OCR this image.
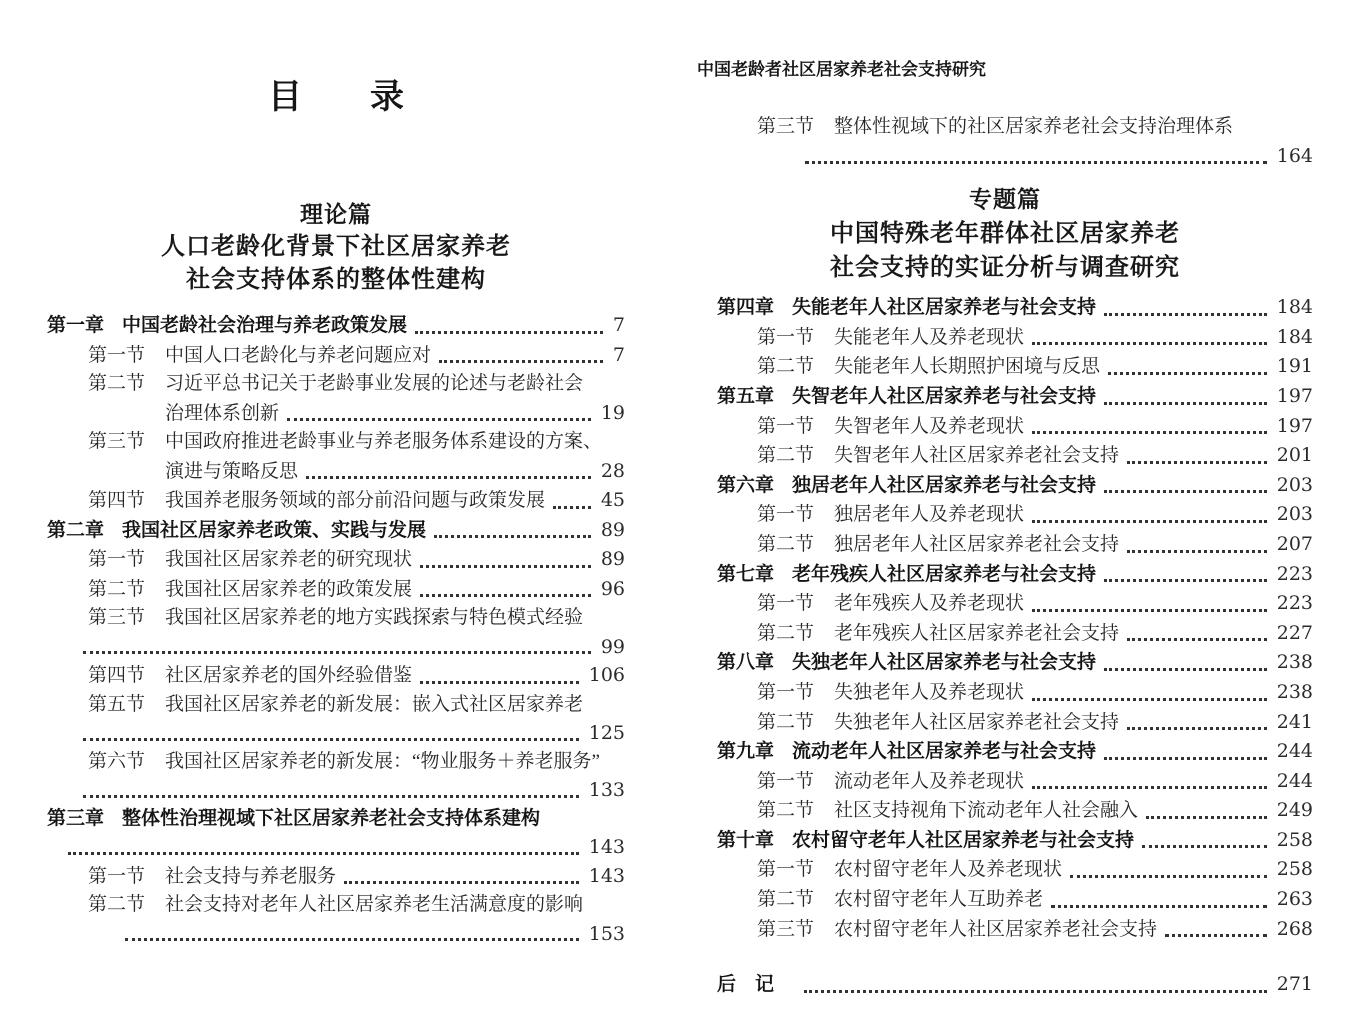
目　　录
理论篇
人口老龄化背景下社区居家养老
社会支持体系的整体性建构
第一章 中国老龄社会治理与养老政策发展	7
第一节 中国人口老龄化与养老问题应对	7
第二节 习近平总书记关于老龄事业发展的论述与老龄社会
治理体系创新	19
第三节 中国政府推进老龄事业与养老服务体系建设的方案、
演进与策略反思	28
第四节 我国养老服务领域的部分前沿问题与政策发展	45
第二章 我国社区居家养老政策、实践与发展	89
第一节 我国社区居家养老的研究现状	89
第二节 我国社区居家养老的政策发展	96
第三节 我国社区居家养老的地方实践探索与特色模式经验
99
第四节 社区居家养老的国外经验借鉴	106
第五节 我国社区居家养老的新发展：嵌入式社区居家养老
125
第六节 我国社区居家养老的新发展：“物业服务＋养老服务”
133
第三章 整体性治理视域下社区居家养老社会支持体系建构
143
第一节 社会支持与养老服务	143
第二节 社会支持对老年人社区居家养老生活满意度的影响
153
中国老龄者社区居家养老社会支持研究
第三节 整体性视域下的社区居家养老社会支持治理体系
164
专题篇
中国特殊老年群体社区居家养老
社会支持的实证分析与调查研究
第四章 失能老年人社区居家养老与社会支持	184
第一节 失能老年人及养老现状	184
第二节 失能老年人长期照护困境与反思	191
第五章 失智老年人社区居家养老与社会支持	197
第一节 失智老年人及养老现状	197
第二节 失智老年人社区居家养老社会支持	201
第六章 独居老年人社区居家养老与社会支持	203
第一节 独居老年人及养老现状	203
第二节 独居老年人社区居家养老社会支持	207
第七章 老年残疾人社区居家养老与社会支持	223
第一节 老年残疾人及养老现状	223
第二节 老年残疾人社区居家养老社会支持	227
第八章 失独老年人社区居家养老与社会支持	238
第一节 失独老年人及养老现状	238
第二节 失独老年人社区居家养老社会支持	241
第九章 流动老年人社区居家养老与社会支持	244
第一节 流动老年人及养老现状	244
第二节 社区支持视角下流动老年人社会融入	249
第十章 农村留守老年人社区居家养老与社会支持	258
第一节 农村留守老年人及养老现状	258
第二节 农村留守老年人互助养老	263
第三节 农村留守老年人社区居家养老社会支持	268
后　记	271
